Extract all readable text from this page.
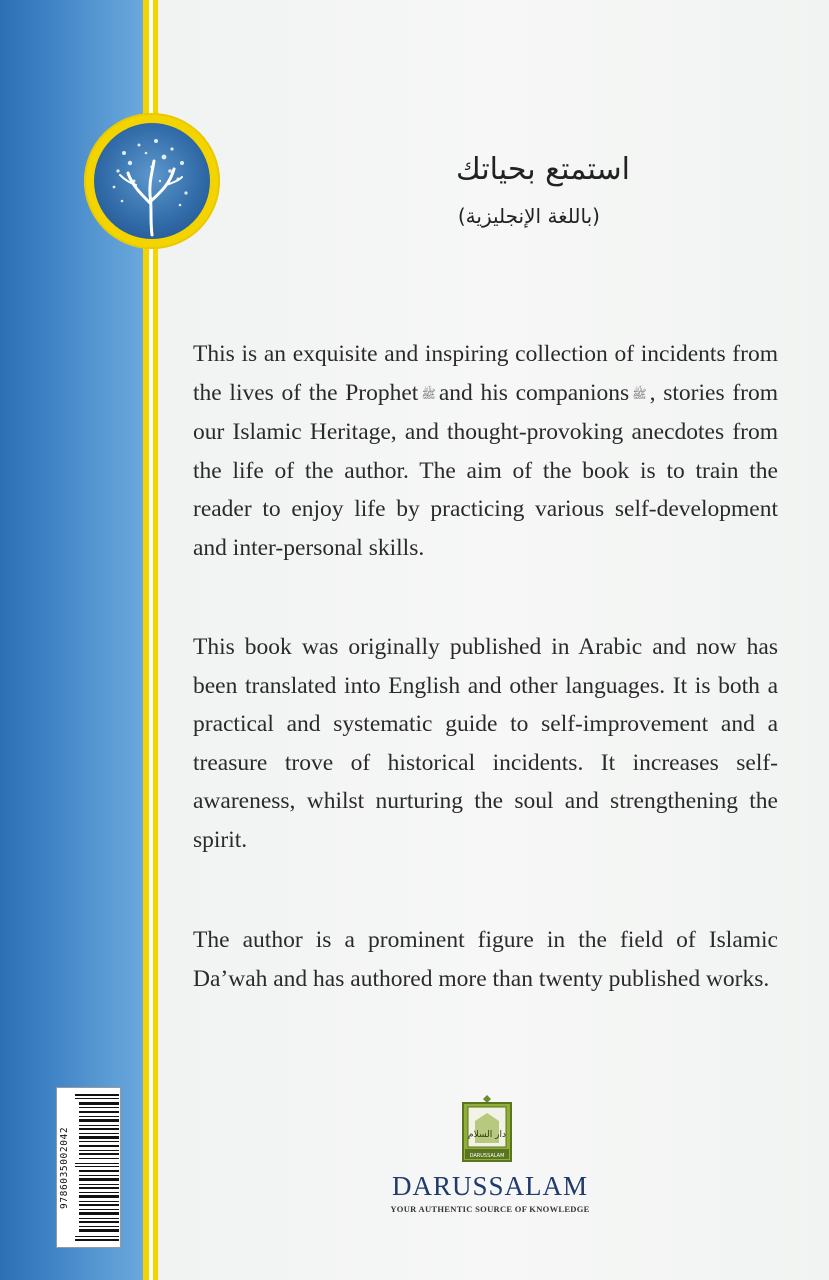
استمتع بحياتك
(باللغة الإنجليزية)

This is an exquisite and inspiring collection of incidents from the lives of the Prophet ﷺ and his companions ﷺ , stories from our Islamic Heritage, and thought-provoking anecdotes from the life of the author. The aim of the book is to train the reader to enjoy life by practicing various self-development and inter-personal skills.

This book was originally published in Arabic and now has been translated into English and other languages. It is both a practical and systematic guide to self-improvement and a treasure trove of historical incidents. It increases self-awareness, whilst nurturing the soul and strengthening the spirit.

The author is a prominent figure in the field of Islamic Da’wah and has authored more than twenty published works.

9786035002042	دار السلام
DARUSSALAM
DARUSSALAM
YOUR AUTHENTIC SOURCE OF KNOWLEDGE
